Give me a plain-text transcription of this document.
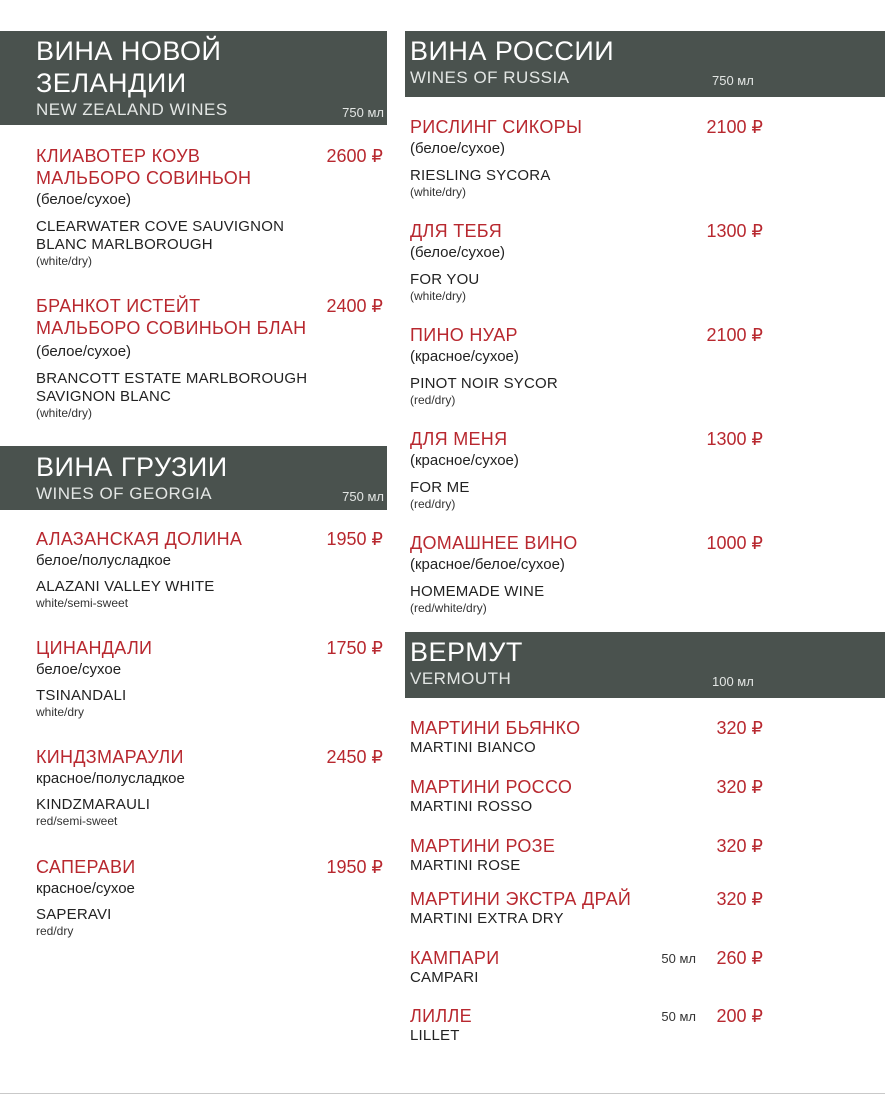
ВИНА НОВОЙ
ЗЕЛАНДИИ
NEW ZEALAND WINES	750 мл
КЛИАВОТЕР КОУВ
МАЛЬБОРО СОВИНЬОН
2600 ₽
(белое/сухое)
CLEARWATER COVE SAUVIGNON
BLANC MARLBOROUGH
(white/dry)
БРАНКОТ ИСТЕЙТ
МАЛЬБОРО СОВИНЬОН БЛАН
2400 ₽
(белое/сухое)
BRANCOTT ESTATE MARLBOROUGH
SAVIGNON BLANC
(white/dry)
ВИНА ГРУЗИИ
WINES OF GEORGIA	750 мл
АЛАЗАНСКАЯ ДОЛИНА	1950 ₽
белое/полусладкое
ALAZANI VALLEY WHITE
white/semi-sweet
ЦИНАНДАЛИ	1750 ₽
белое/сухое
TSINANDALI
white/dry
КИНДЗМАРАУЛИ	2450 ₽
красное/полусладкое
KINDZMARAULI
red/semi-sweet
САПЕРАВИ	1950 ₽
красное/сухое
SAPERAVI
red/dry
ВИНА РОССИИ
WINES OF RUSSIA	750 мл
РИСЛИНГ СИКОРЫ	2100 ₽
(белое/сухое)
RIESLING SYCORA
(white/dry)
ДЛЯ ТЕБЯ	1300 ₽
(белое/сухое)
FOR YOU
(white/dry)
ПИНО НУАР	2100 ₽
(красное/сухое)
PINOT NOIR SYCOR
(red/dry)
ДЛЯ МЕНЯ	1300 ₽
(красное/сухое)
FOR ME
(red/dry)
ДОМАШНЕЕ ВИНО	1000 ₽
(красное/белое/сухое)
HOMEMADE WINE
(red/white/dry)
ВЕРМУТ
VERMOUTH	100 мл
МАРТИНИ БЬЯНКО	320 ₽
MARTINI BIANCO
МАРТИНИ РОССО	320 ₽
MARTINI ROSSO
МАРТИНИ РОЗЕ	320 ₽
MARTINI ROSE
МАРТИНИ ЭКСТРА ДРАЙ	320 ₽
MARTINI EXTRA DRY
КАМПАРИ	50 мл 260 ₽
CAMPARI
ЛИЛЛЕ	50 мл 200 ₽
LILLET
